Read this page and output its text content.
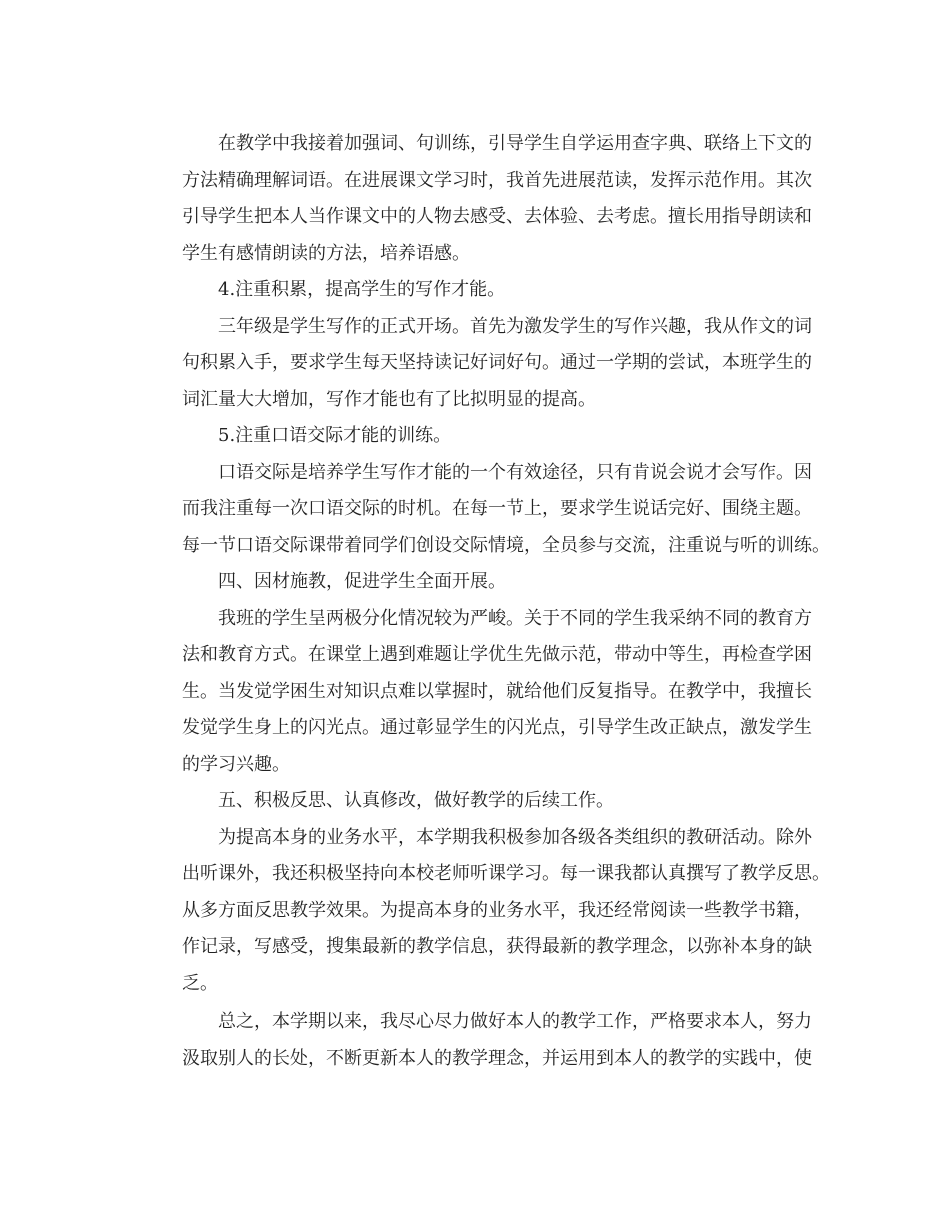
在教学中我接着加强词、句训练，引导学生自学运用查字典、联络上下文的
方法精确理解词语。在进展课文学习时，我首先进展范读，发挥示范作用。其次
引导学生把本人当作课文中的人物去感受、去体验、去考虑。擅长用指导朗读和
学生有感情朗读的方法，培养语感。
4.注重积累，提高学生的写作才能。
三年级是学生写作的正式开场。首先为激发学生的写作兴趣，我从作文的词
句积累入手，要求学生每天坚持读记好词好句。通过一学期的尝试，本班学生的
词汇量大大增加，写作才能也有了比拟明显的提高。
5.注重口语交际才能的训练。
口语交际是培养学生写作才能的一个有效途径，只有肯说会说才会写作。因
而我注重每一次口语交际的时机。在每一节上，要求学生说话完好、围绕主题。
每一节口语交际课带着同学们创设交际情境，全员参与交流，注重说与听的训练。
四、因材施教，促进学生全面开展。
我班的学生呈两极分化情况较为严峻。关于不同的学生我采纳不同的教育方
法和教育方式。在课堂上遇到难题让学优生先做示范，带动中等生，再检查学困
生。当发觉学困生对知识点难以掌握时，就给他们反复指导。在教学中，我擅长
发觉学生身上的闪光点。通过彰显学生的闪光点，引导学生改正缺点，激发学生
的学习兴趣。
五、积极反思、认真修改，做好教学的后续工作。
为提高本身的业务水平，本学期我积极参加各级各类组织的教研活动。除外
出听课外，我还积极坚持向本校老师听课学习。每一课我都认真撰写了教学反思。
从多方面反思教学效果。为提高本身的业务水平，我还经常阅读一些教学书籍，
作记录，写感受，搜集最新的教学信息，获得最新的教学理念，以弥补本身的缺
乏。
总之，本学期以来，我尽心尽力做好本人的教学工作，严格要求本人，努力
汲取别人的长处，不断更新本人的教学理念，并运用到本人的教学的实践中，使
